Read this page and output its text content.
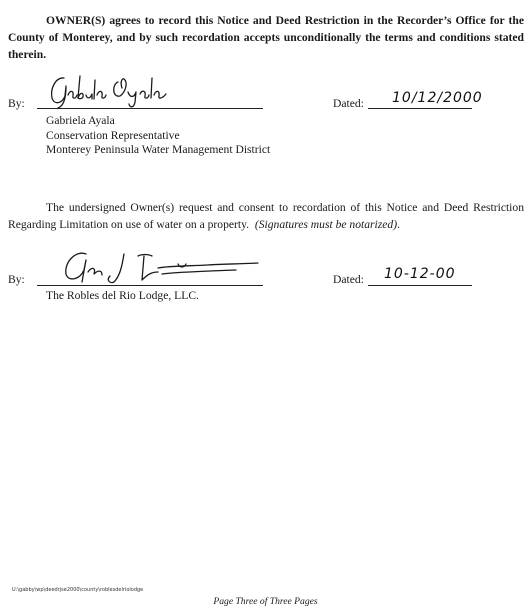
OWNER(S) agrees to record this Notice and Deed Restriction in the Recorder’s Office for the County of Monterey, and by such recordation accepts unconditionally the terms and conditions stated therein.

By:	Dated: 10/12/2000
Gabriela Ayala
Conservation Representative
Monterey Peninsula Water Management District

The undersigned Owner(s) request and consent to recordation of this Notice and Deed Restriction Regarding Limitation on use of water on a property. (Signatures must be notarized).

By:	Dated: 10-12-00
The Robles del Rio Lodge, LLC.
U:\gabby\wp\deedrjse2000\county\roblesdelriolodge
Page Three of Three Pages
